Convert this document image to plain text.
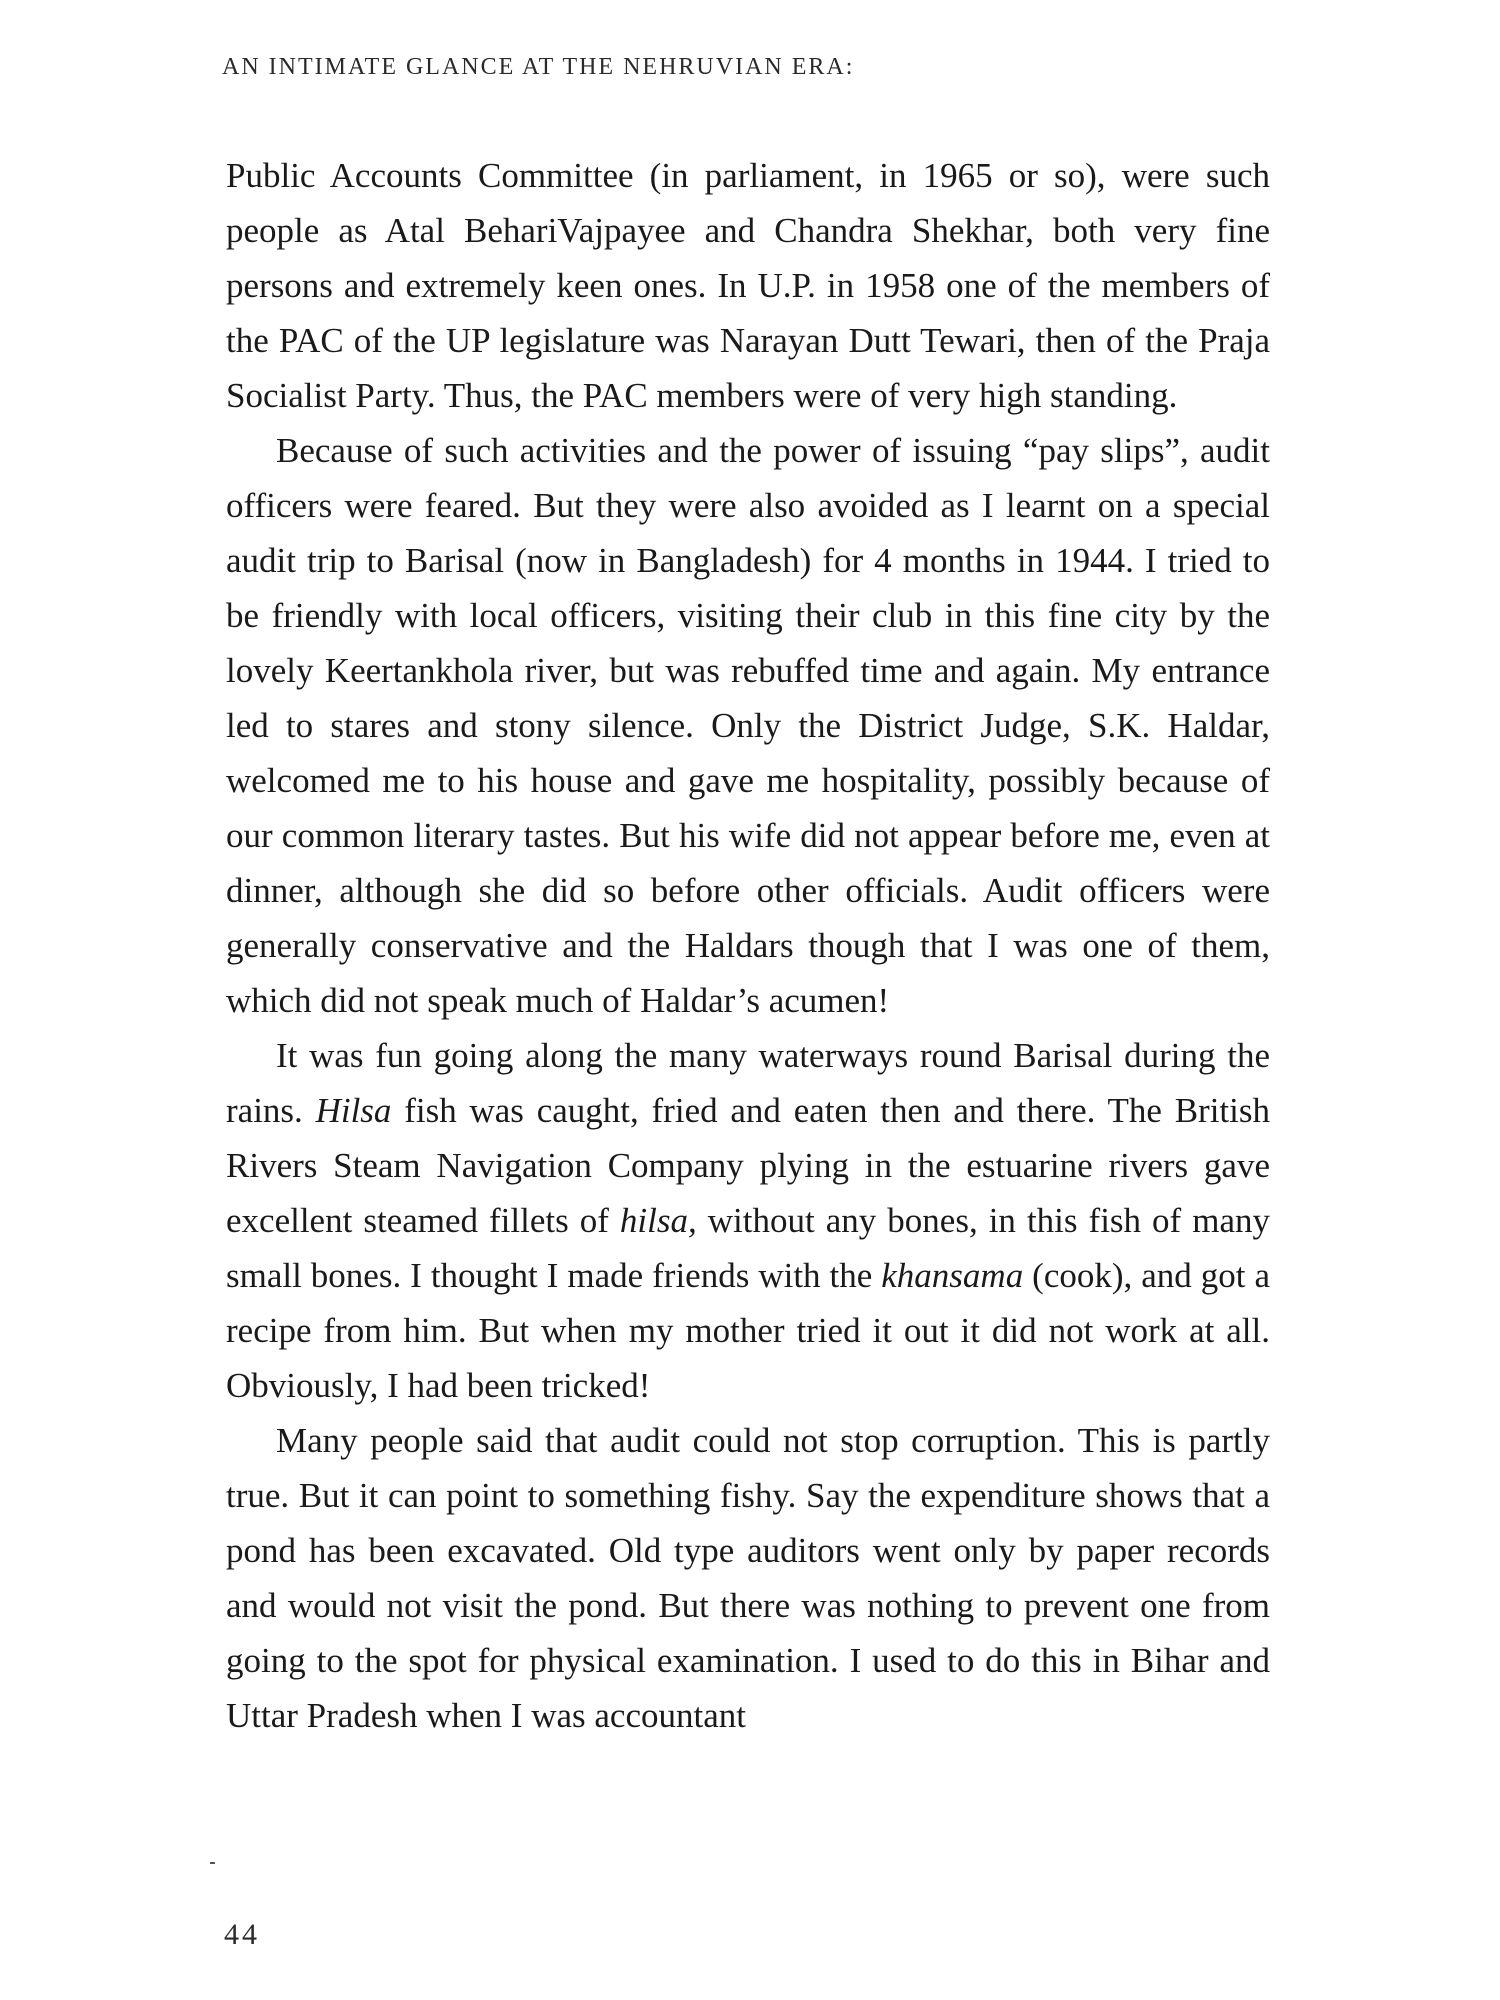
AN INTIMATE GLANCE AT THE NEHRUVIAN ERA:

Public Accounts Committee (in parliament, in 1965 or so), were such people as Atal BehariVajpayee and Chandra Shekhar, both very fine persons and extremely keen ones. In U.P. in 1958 one of the members of the PAC of the UP legislature was Narayan Dutt Tewari, then of the Praja Socialist Party. Thus, the PAC members were of very high standing.

Because of such activities and the power of issuing “pay slips”, audit officers were feared. But they were also avoided as I learnt on a special audit trip to Barisal (now in Bangladesh) for 4 months in 1944. I tried to be friendly with local officers, visiting their club in this fine city by the lovely Keertankhola river, but was rebuffed time and again. My entrance led to stares and stony silence. Only the District Judge, S.K. Haldar, welcomed me to his house and gave me hospitality, possibly because of our common literary tastes. But his wife did not appear before me, even at dinner, although she did so before other officials. Audit officers were generally conservative and the Haldars though that I was one of them, which did not speak much of Haldar’s acumen!

It was fun going along the many waterways round Barisal during the rains. Hilsa fish was caught, fried and eaten then and there. The British Rivers Steam Navigation Company plying in the estuarine rivers gave excellent steamed fillets of hilsa, without any bones, in this fish of many small bones. I thought I made friends with the khansama (cook), and got a recipe from him. But when my mother tried it out it did not work at all. Obviously, I had been tricked!

Many people said that audit could not stop corruption. This is partly true. But it can point to something fishy. Say the expenditure shows that a pond has been excavated. Old type auditors went only by paper records and would not visit the pond. But there was nothing to prevent one from going to the spot for physical examination. I used to do this in Bihar and Uttar Pradesh when I was accountant

44
